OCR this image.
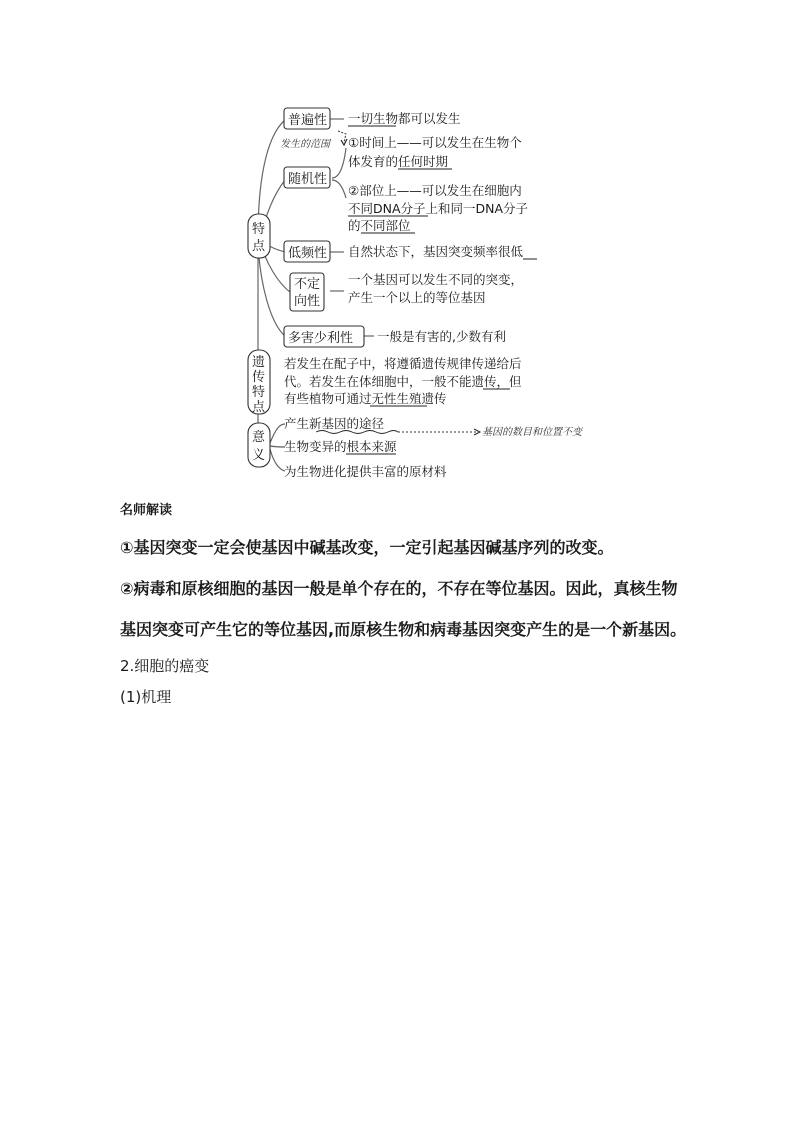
普遍性
随机性
低频性
不定
向性
多害少利性
特
点
遗
传
特
点
意
义
一切生物都可以发生
发生的范围 ①时间上——可以发生在生物个
体发育的任何时期
②部位上——可以发生在细胞内
不同DNA分子上和同一DNA分子
的不同部位
自然状态下，基因突变频率很低
一个基因可以发生不同的突变，
产生一个以上的等位基因
一般是有害的,少数有利
若发生在配子中，将遵循遗传规律传递给后
代。若发生在体细胞中，一般不能遗传，但
有些植物可通过无性生殖遗传
产生新基因的途径
基因的数目和位置不变
生物变异的根本来源
为生物进化提供丰富的原材料

名师解读

①基因突变一定会使基因中碱基改变，一定引起基因碱基序列的改变。

②病毒和原核细胞的基因一般是单个存在的，不存在等位基因。因此，真核生物

基因突变可产生它的等位基因,而原核生物和病毒基因突变产生的是一个新基因。

2.细胞的癌变

(1)机理
